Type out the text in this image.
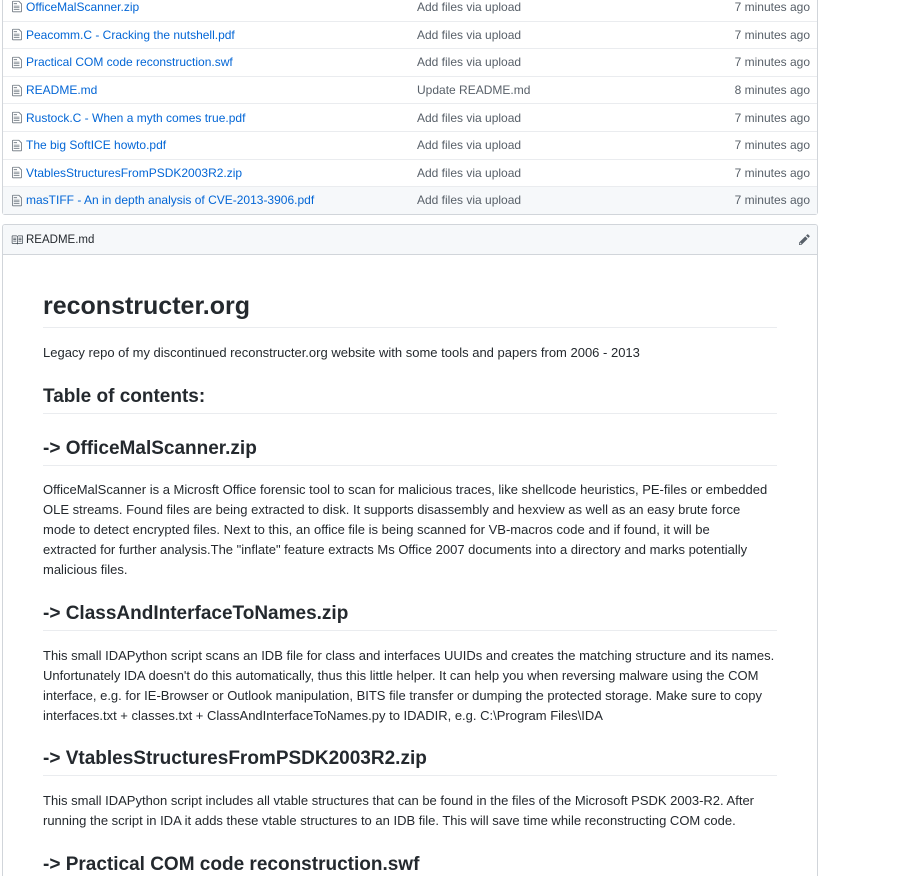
OfficeMalScanner.zip	Add files via upload	7 minutes ago
Peacomm.C - Cracking the nutshell.pdf	Add files via upload	7 minutes ago
Practical COM code reconstruction.swf	Add files via upload	7 minutes ago
README.md	Update README.md	8 minutes ago
Rustock.C - When a myth comes true.pdf	Add files via upload	7 minutes ago
The big SoftICE howto.pdf	Add files via upload	7 minutes ago
VtablesStructuresFromPSDK2003R2.zip	Add files via upload	7 minutes ago
masTIFF - An in depth analysis of CVE-2013-3906.pdf	Add files via upload	7 minutes ago
README.md
reconstructer.org
Legacy repo of my discontinued reconstructer.org website with some tools and papers from 2006 - 2013
Table of contents:
-> OfficeMalScanner.zip
OfficeMalScanner is a Microsft Office forensic tool to scan for malicious traces, like shellcode heuristics, PE-files or embedded
OLE streams. Found files are being extracted to disk. It supports disassembly and hexview as well as an easy brute force
mode to detect encrypted files. Next to this, an office file is being scanned for VB-macros code and if found, it will be
extracted for further analysis.The "inflate" feature extracts Ms Office 2007 documents into a directory and marks potentially
malicious files.
-> ClassAndInterfaceToNames.zip
This small IDAPython script scans an IDB file for class and interfaces UUIDs and creates the matching structure and its names.
Unfortunately IDA doesn't do this automatically, thus this little helper. It can help you when reversing malware using the COM
interface, e.g. for IE-Browser or Outlook manipulation, BITS file transfer or dumping the protected storage. Make sure to copy
interfaces.txt + classes.txt + ClassAndInterfaceToNames.py to IDADIR, e.g. C:\Program Files\IDA
-> VtablesStructuresFromPSDK2003R2.zip
This small IDAPython script includes all vtable structures that can be found in the files of the Microsoft PSDK 2003-R2. After
running the script in IDA it adds these vtable structures to an IDB file. This will save time while reconstructing COM code.
-> Practical COM code reconstruction.swf
